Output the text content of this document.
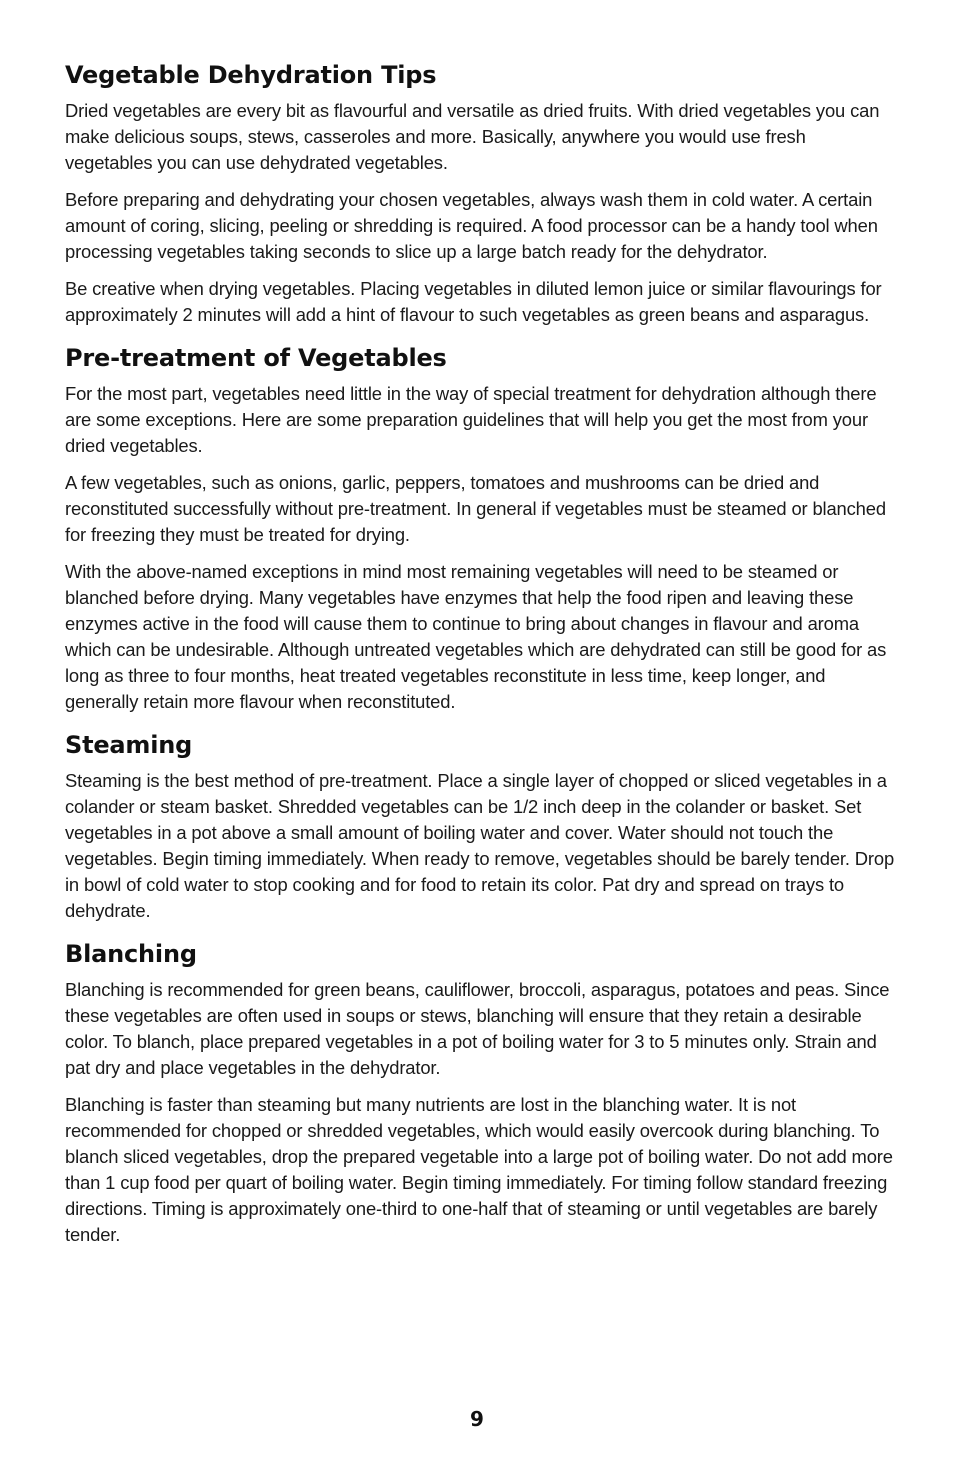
Vegetable Dehydration Tips

Dried vegetables are every bit as flavourful and versatile as dried fruits. With dried vegetables you can make delicious soups, stews, casseroles and more. Basically, anywhere you would use fresh vegetables you can use dehydrated vegetables.

Before preparing and dehydrating your chosen vegetables, always wash them in cold water. A certain amount of coring, slicing, peeling or shredding is required. A food processor can be a handy tool when processing vegetables taking seconds to slice up a large batch ready for the dehydrator.

Be creative when drying vegetables. Placing vegetables in diluted lemon juice or similar flavourings for approximately 2 minutes will add a hint of flavour to such vegetables as green beans and asparagus.

Pre-treatment of Vegetables

For the most part, vegetables need little in the way of special treatment for dehydration although there are some exceptions. Here are some preparation guidelines that will help you get the most from your dried vegetables.

A few vegetables, such as onions, garlic, peppers, tomatoes and mushrooms can be dried and reconstituted successfully without pre-treatment. In general if vegetables must be steamed or blanched for freezing they must be treated for drying.

With the above-named exceptions in mind most remaining vegetables will need to be steamed or blanched before drying. Many vegetables have enzymes that help the food ripen and leaving these enzymes active in the food will cause them to continue to bring about changes in flavour and aroma which can be undesirable. Although untreated vegetables which are dehydrated can still be good for as long as three to four months, heat treated vegetables reconstitute in less time, keep longer, and generally retain more flavour when reconstituted.

Steaming

Steaming is the best method of pre-treatment. Place a single layer of chopped or sliced vegetables in a colander or steam basket. Shredded vegetables can be 1/2 inch deep in the colander or basket. Set vegetables in a pot above a small amount of boiling water and cover. Water should not touch the vegetables. Begin timing immediately. When ready to remove, vegetables should be barely tender. Drop in bowl of cold water to stop cooking and for food to retain its color. Pat dry and spread on trays to dehydrate.

Blanching

Blanching is recommended for green beans, cauliflower, broccoli, asparagus, potatoes and peas. Since these vegetables are often used in soups or stews, blanching will ensure that they retain a desirable color. To blanch, place prepared vegetables in a pot of boiling water for 3 to 5 minutes only. Strain and pat dry and place vegetables in the dehydrator.

Blanching is faster than steaming but many nutrients are lost in the blanching water. It is not recommended for chopped or shredded vegetables, which would easily overcook during blanching. To blanch sliced vegetables, drop the prepared vegetable into a large pot of boiling water. Do not add more than 1 cup food per quart of boiling water. Begin timing immediately. For timing follow standard freezing directions. Timing is approximately one-third to one-half that of steaming or until vegetables are barely tender.

9
